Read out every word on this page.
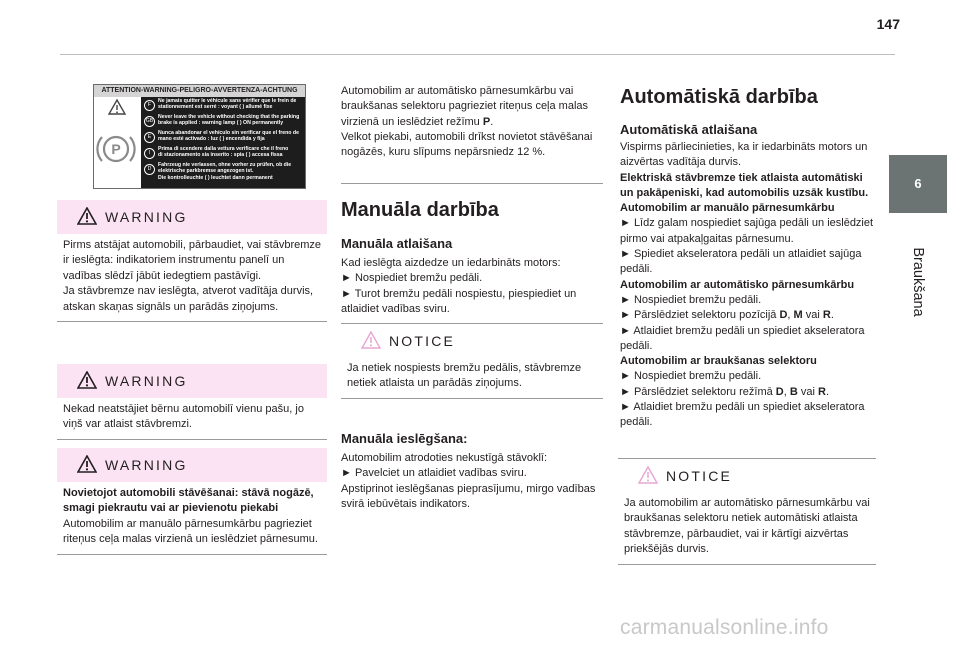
147
6
Braukšana
ATTENTION-WARNING-PELIGRO-AVVERTENZA-ACHTUNG
P
F
Ne jamais quitter le véhicule sans vérifier que le frein de
stationnement est serré : voyant ( ) allumé fixe
GB
Never leave the vehicle without checking that the parking
brake is applied : warning lamp ( ) ON permanently
E
Nunca abandonar el vehículo sin verificar que el freno de
mano esté activado : luz ( ) encendida y fija
I
Prima di scendere dalla vettura verificare che il freno
di stazionamento sia inserito : spia ( ) accesa fissa
D
Fahrzeug nie verlassen, ohne vorher zu prüfen, ob die
elektrische parkbremse angezogen ist.
Die kontrolleuchte ( ) leuchtet dann permanent
WARNING
Pirms atstājat automobili, pārbaudiet, vai stāvbremze ir ieslēgta: indikatoriem instrumentu panelī un vadības slēdzī jābūt iedegtiem pastāvīgi.
Ja stāvbremze nav ieslēgta, atverot vadītāja durvis, atskan skaņas signāls un parādās ziņojums.
WARNING
Nekad neatstājiet bērnu automobilī vienu pašu, jo viņš var atlaist stāvbremzi.
WARNING
Novietojot automobili stāvēšanai: stāvā nogāzē, smagi piekrautu vai ar pievienotu piekabi
Automobilim ar manuālo pārnesumkārbu pagrieziet riteņus ceļa malas virzienā un ieslēdziet pārnesumu.
Automobilim ar automātisko pārnesumkārbu vai braukšanas selektoru pagrieziet riteņus ceļa malas virzienā un ieslēdziet režīmu P.
Velkot piekabi, automobili drīkst novietot stāvēšanai nogāzēs, kuru slīpums nepārsniedz 12 %.
Manuāla darbība
Manuāla atlaišana
Kad ieslēgta aizdedze un iedarbināts motors:
► Nospiediet bremžu pedāli.
► Turot bremžu pedāli nospiestu, piespiediet un atlaidiet vadības sviru.
NOTICE
Ja netiek nospiests bremžu pedālis, stāvbremze netiek atlaista un parādās ziņojums.
Manuāla ieslēgšana:
Automobilim atrodoties nekustīgā stāvoklī:
► Pavelciet un atlaidiet vadības sviru.
Apstiprinot ieslēgšanas pieprasījumu, mirgo vadības svirā iebūvētais indikators.
Automātiskā darbība
Automātiskā atlaišana
Vispirms pārliecinieties, ka ir iedarbināts motors un aizvērtas vadītāja durvis.
Elektriskā stāvbremze tiek atlaista automātiski un pakāpeniski, kad automobilis uzsāk kustību.
Automobilim ar manuālo pārnesumkārbu
► Līdz galam nospiediet sajūga pedāli un ieslēdziet pirmo vai atpakaļgaitas pārnesumu.
► Spiediet akseleratora pedāli un atlaidiet sajūga pedāli.
Automobilim ar automātisko pārnesumkārbu
► Nospiediet bremžu pedāli.
► Pārslēdziet selektoru pozīcijā D, M vai R.
► Atlaidiet bremžu pedāli un spiediet akseleratora pedāli.
Automobilim ar braukšanas selektoru
► Nospiediet bremžu pedāli.
► Pārslēdziet selektoru režīmā D, B vai R.
► Atlaidiet bremžu pedāli un spiediet akseleratora pedāli.
NOTICE
Ja automobilim ar automātisko pārnesumkārbu vai braukšanas selektoru netiek automātiski atlaista stāvbremze, pārbaudiet, vai ir kārtīgi aizvērtas priekšējās durvis.
carmanualsonline.info
